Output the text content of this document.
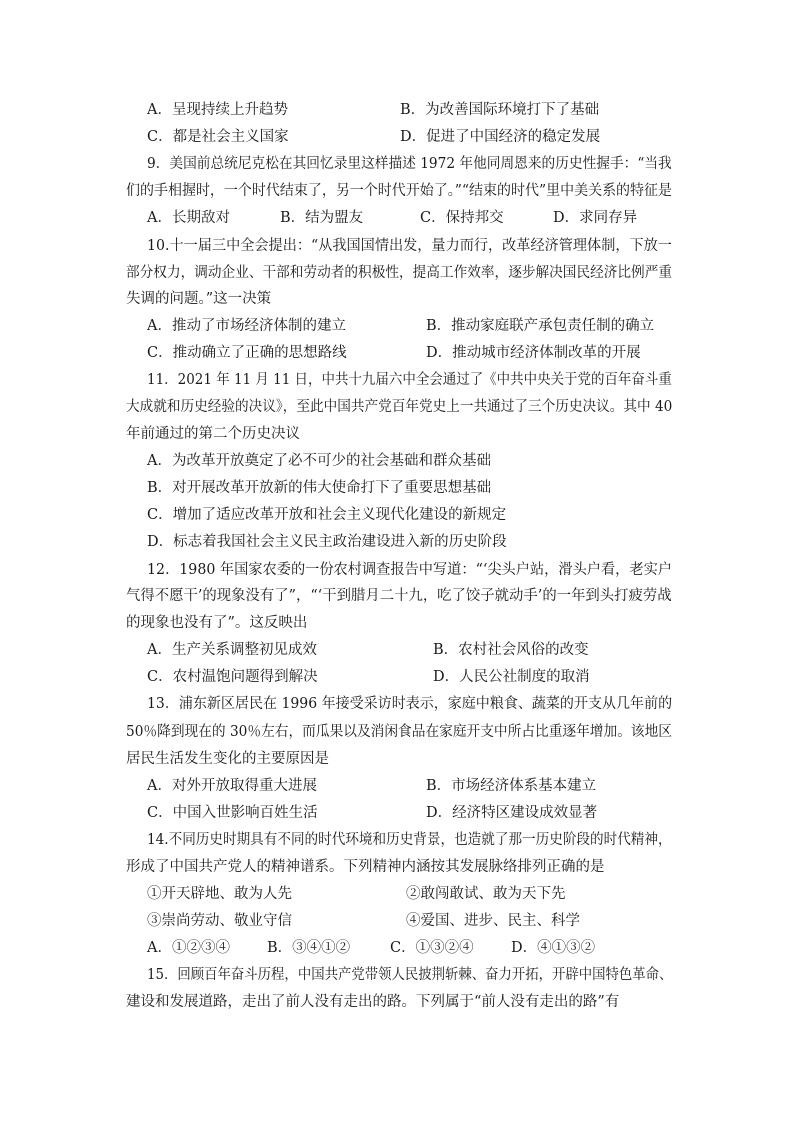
A．呈现持续上升趋势	B．为改善国际环境打下了基础
C．都是社会主义国家	D．促进了中国经济的稳定发展
9．美国前总统尼克松在其回忆录里这样描述 1972 年他同周恩来的历史性握手：“当我
们的手相握时，一个时代结束了，另一个时代开始了。”“结束的时代”里中美关系的特征是
A．长期敌对	B．结为盟友	C．保持邦交	D．求同存异
10.十一届三中全会提出：“从我国国情出发，量力而行，改革经济管理体制，下放一
部分权力，调动企业、干部和劳动者的积极性，提高工作效率，逐步解决国民经济比例严重
失调的问题。”这一决策
A．推动了市场经济体制的建立	B．推动家庭联产承包责任制的确立
C．推动确立了正确的思想路线	D．推动城市经济体制改革的开展
11．2021 年 11 月 11 日，中共十九届六中全会通过了《中共中央关于党的百年奋斗重
大成就和历史经验的决议》，至此中国共产党百年党史上一共通过了三个历史决议。其中 40
年前通过的第二个历史决议
A．为改革开放奠定了必不可少的社会基础和群众基础
B．对开展改革开放新的伟大使命打下了重要思想基础
C．增加了适应改革开放和社会主义现代化建设的新规定
D．标志着我国社会主义民主政治建设进入新的历史阶段
12．1980 年国家农委的一份农村调查报告中写道：“‘尖头户站，滑头户看，老实户
气得不愿干’的现象没有了”，“‘干到腊月二十九，吃了饺子就动手’的一年到头打疲劳战
的现象也没有了”。这反映出
A．生产关系调整初见成效	B．农村社会风俗的改变
C．农村温饱问题得到解决	D．人民公社制度的取消
13．浦东新区居民在 1996 年接受采访时表示，家庭中粮食、蔬菜的开支从几年前的
50％降到现在的 30％左右，而瓜果以及消闲食品在家庭开支中所占比重逐年增加。该地区
居民生活发生变化的主要原因是
A．对外开放取得重大进展	B．市场经济体系基本建立
C．中国入世影响百姓生活	D．经济特区建设成效显著
14.不同历史时期具有不同的时代环境和历史背景，也造就了那一历史阶段的时代精神，
形成了中国共产党人的精神谱系。下列精神内涵按其发展脉络排列正确的是
①开天辟地、敢为人先	②敢闯敢试、敢为天下先
③崇尚劳动、敬业守信	④爱国、进步、民主、科学
A．①②③④	B．③④①②	C．①③②④	D．④①③②
15．回顾百年奋斗历程，中国共产党带领人民披荆斩棘、奋力开拓，开辟中国特色革命、
建设和发展道路，走出了前人没有走出的路。下列属于“前人没有走出的路”有
